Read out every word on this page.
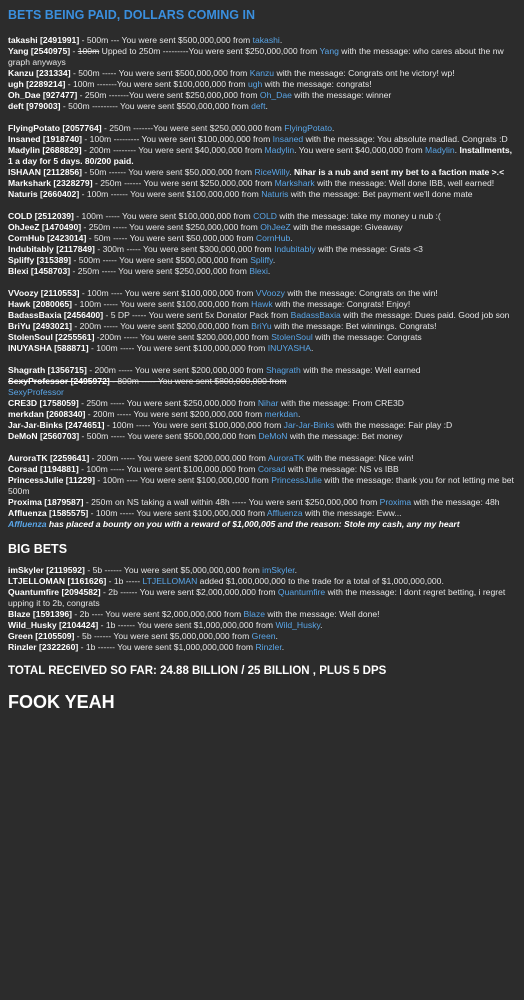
BETS BEING PAID, DOLLARS COMING IN
takashi [2491991] - 500m --- You were sent $500,000,000 from takashi.
Yang [2540975] - 100m Upped to 250m ---------You were sent $250,000,000 from Yang with the message: who cares about the nw graph anyways
Kanzu [231334] - 500m ----- You were sent $500,000,000 from Kanzu with the message: Congrats ont he victory! wp!
ugh [2289214] - 100m -------You were sent $100,000,000 from ugh with the message: congrats!
Oh_Dae [927477] - 250m -------You were sent $250,000,000 from Oh_Dae with the message: winner
deft [979003] - 500m --------- You were sent $500,000,000 from deft.
FlyingPotato [2057764] - 250m -------You were sent $250,000,000 from FlyingPotato.
Insaned [1918740] - 100m --------- You were sent $100,000,000 from Insaned with the message: You absolute madlad. Congrats :D
Madylin [2688829] - 200m -------- You were sent $40,000,000 from Madylin. You were sent $40,000,000 from Madylin. Installments, 1 a day for 5 days. 80/200 paid.
ISHAAN [2112856] - 50m ------ You were sent $50,000,000 from RiceWilly. Nihar is a nub and sent my bet to a faction mate >.<
Markshark [2328279] - 250m ------ You were sent $250,000,000 from Markshark with the message: Well done IBB, well earned!
Naturis [2660402] - 100m ------ You were sent $100,000,000 from Naturis with the message: Bet payment we'll done mate
COLD [2512039] - 100m ----- You were sent $100,000,000 from COLD with the message: take my money u nub :(
OhJeeZ [1470490] - 250m ----- You were sent $250,000,000 from OhJeeZ with the message: Giveaway
CornHub [2423014] - 50m ----- You were sent $50,000,000 from CornHub.
Indubitably [2117849] - 300m ----- You were sent $300,000,000 from Indubitably with the message: Grats <3
Spliffy [315389] - 500m ----- You were sent $500,000,000 from Spliffy.
Blexi [1458703] - 250m ----- You were sent $250,000,000 from Blexi.
VVoozy [2110553] - 100m ---- You were sent $100,000,000 from VVoozy with the message: Congrats on the win!
Hawk [2080065] - 100m ----- You were sent $100,000,000 from Hawk with the message: Congrats! Enjoy!
BadassBaxia [2456400] - 5 DP ----- You were sent 5x Donator Pack from BadassBaxia with the message: Dues paid. Good job son
BriYu [2493021] - 200m ----- You were sent $200,000,000 from BriYu with the message: Bet winnings. Congrats!
StolenSoul [2255561] -200m ----- You were sent $200,000,000 from StolenSoul with the message: Congrats
INUYASHA [588871] - 100m ----- You were sent $100,000,000 from INUYASHA.
Shagrath [1356715] - 200m ----- You were sent $200,000,000 from Shagrath with the message: Well earned
SexyProfessor [2495972] - 800m ----- You were sent $800,000,000 from
SexyProfessor
CRE3D [1758059] - 250m ----- You were sent $250,000,000 from Nihar with the message: From CRE3D
merkdan [2608340] - 200m ----- You were sent $200,000,000 from merkdan.
Jar-Jar-Binks [2474651] - 100m ----- You were sent $100,000,000 from Jar-Jar-Binks with the message: Fair play :D
DeMoN [2560703] - 500m ----- You were sent $500,000,000 from DeMoN with the message: Bet money
AuroraTK [2259641] - 200m ----- You were sent $200,000,000 from AuroraTK with the message: Nice win!
Corsad [1194881] - 100m ----- You were sent $100,000,000 from Corsad with the message: NS vs IBB
PrincessJulie [11229] - 100m ---- You were sent $100,000,000 from PrincessJulie with the message: thank you for not letting me bet 500m
Proxima [1879587] - 250m on NS taking a wall within 48h ----- You were sent $250,000,000 from Proxima with the message: 48h
Affluenza [1585575] - 100m ----- You were sent $100,000,000 from Affluenza with the message: Eww...
Affluenza has placed a bounty on you with a reward of $1,000,005 and the reason: Stole my cash, any my heart
BIG BETS
imSkyler [2119592] - 5b ------ You were sent $5,000,000,000 from imSkyler.
LTJELLOMAN [1161626] - 1b ----- LTJELLOMAN added $1,000,000,000 to the trade for a total of $1,000,000,000.
Quantumfire [2094582] - 2b ------ You were sent $2,000,000,000 from Quantumfire with the message: I dont regret betting, i regret upping it to 2b, congrats
Blaze [1591396] - 2b ---- You were sent $2,000,000,000 from Blaze with the message: Well done!
Wild_Husky [2104424] - 1b ------ You were sent $1,000,000,000 from Wild_Husky.
Green [2105509] - 5b ------ You were sent $5,000,000,000 from Green.
Rinzler [2322260] - 1b ------ You were sent $1,000,000,000 from Rinzler.
TOTAL RECEIVED SO FAR: 24.88 BILLION / 25 BILLION , PLUS 5 DPS
FOOK YEAH
